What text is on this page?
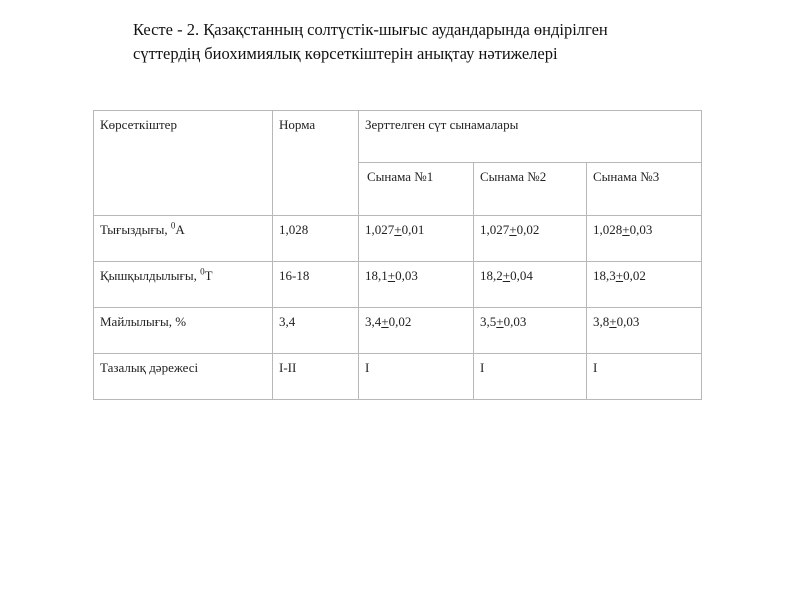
Кесте - 2. Қазақстанның солтүстік-шығыс аудандарында өндірілген
сүттердің биохимиялық көрсеткіштерін анықтау нәтижелері
Көрсеткіштер	Норма	Зерттелген сүт сынамалары		
		Сынама №1	Сынама №2	Сынама №3
Тығыздығы, $^0$А	1,028	1,027+0,01	1,027+0,02	1,028+0,03
Қышқылдылығы, $^0$Т	16-18	18,1+0,03	18,2+0,04	18,3+0,02
Майлылығы, %	3,4	3,4+0,02	3,5+0,03	3,8+0,03
Тазалық дәрежесі	I-II	I	I	I
